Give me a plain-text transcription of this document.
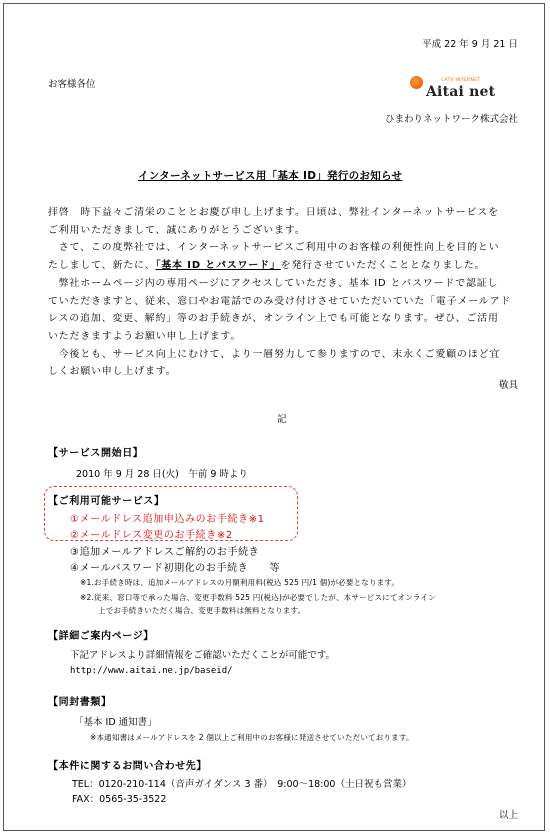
平成 22 年 9 月 21 日
お客様各位	CATV INTERNET
Aitai net
ひまわりネットワーク株式会社
インターネットサービス用「基本 ID」発行のお知らせ
拝啓　時下益々ご清栄のこととお慶び申し上げます。日頃は、弊社インターネットサービスを
ご利用いただきまして、誠にありがとうございます。
　さて、この度弊社では、インターネットサービスご利用中のお客様の利便性向上を目的とい
たしまして、新たに、「基本 ID とパスワード」を発行させていただくこととなりました。
　弊社ホームページ内の専用ページにアクセスしていただき、基本 ID とパスワードで認証し
ていただきますと、従来、窓口やお電話でのみ受け付けさせていただいていた「電子メールアド
レスの追加、変更、解約」等のお手続きが、オンライン上でも可能となります。ぜひ、ご活用
いただきますようお願い申し上げます。
　今後とも、サービス向上にむけて、より一層努力して参りますので、末永くご愛顧のほど宜
しくお願い申し上げます。
敬具
記
【サービス開始日】
2010 年 9 月 28 日(火)　午前 9 時より
【ご利用可能サービス】
①メールドレス追加申込みのお手続き※1
②メールドレス変更のお手続き※2
③追加メールアドレスご解約のお手続き
④メールパスワード初期化のお手続き　　等
※1.お手続き時は、追加メールアドレスの月額利用料(税込 525 円/1 個)が必要となります。
※2.従来、窓口等で承った場合、変更手数料 525 円(税込)が必要でしたが、本サービスにてオンライン
上でお手続きいただく場合、変更手数料は無料となります。
【詳細ご案内ページ】
下記アドレスより詳細情報をご確認いただくことが可能です。
http://www.aitai.ne.jp/baseid/
【同封書類】
「基本 ID 通知書」
※本通知書はメールアドレスを 2 個以上ご利用中のお客様に発送させていただいております。
【本件に関するお問い合わせ先】
TEL：0120-210-114（音声ガイダンス 3 番）　9:00～18:00（土日祝も営業）
FAX：0565-35-3522
以上
